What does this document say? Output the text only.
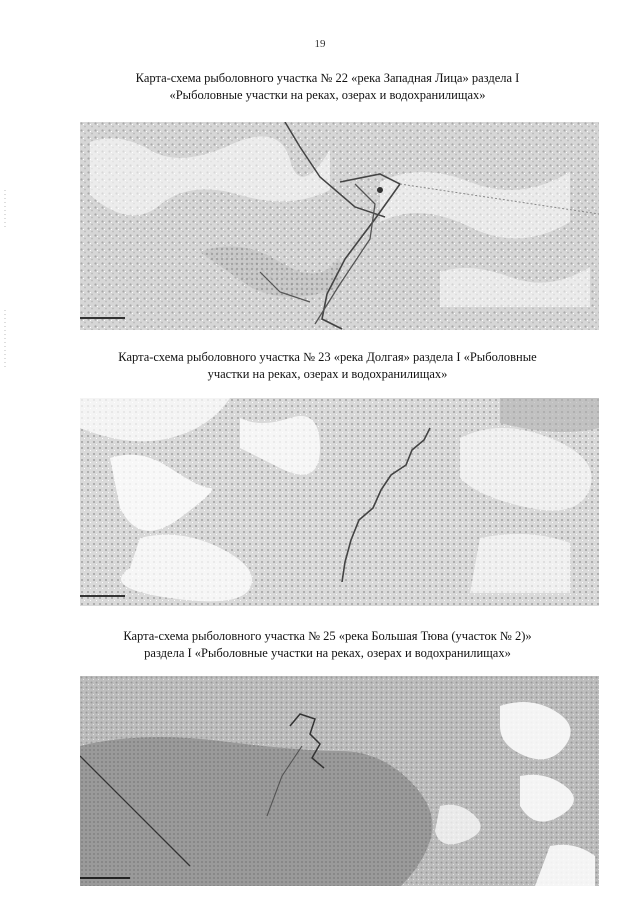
19
Карта-схема рыболовного участка № 22 «река Западная Лица» раздела I
«Рыболовные участки на реках, озерах и водохранилищах»
Карта-схема рыболовного участка № 23 «река Долгая» раздела I «Рыболовные
участки на реках, озерах и водохранилищах»
Карта-схема рыболовного участка № 25 «река Большая Тюва (участок № 2)»
раздела I «Рыболовные участки на реках, озерах и водохранилищах»
